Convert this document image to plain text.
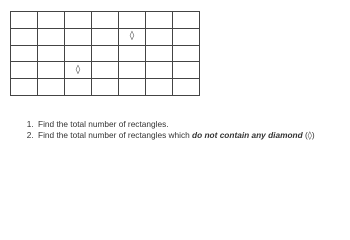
◊
◊
1. Find the total number of rectangles.
2. Find the total number of rectangles which do not contain any diamond (◊)
